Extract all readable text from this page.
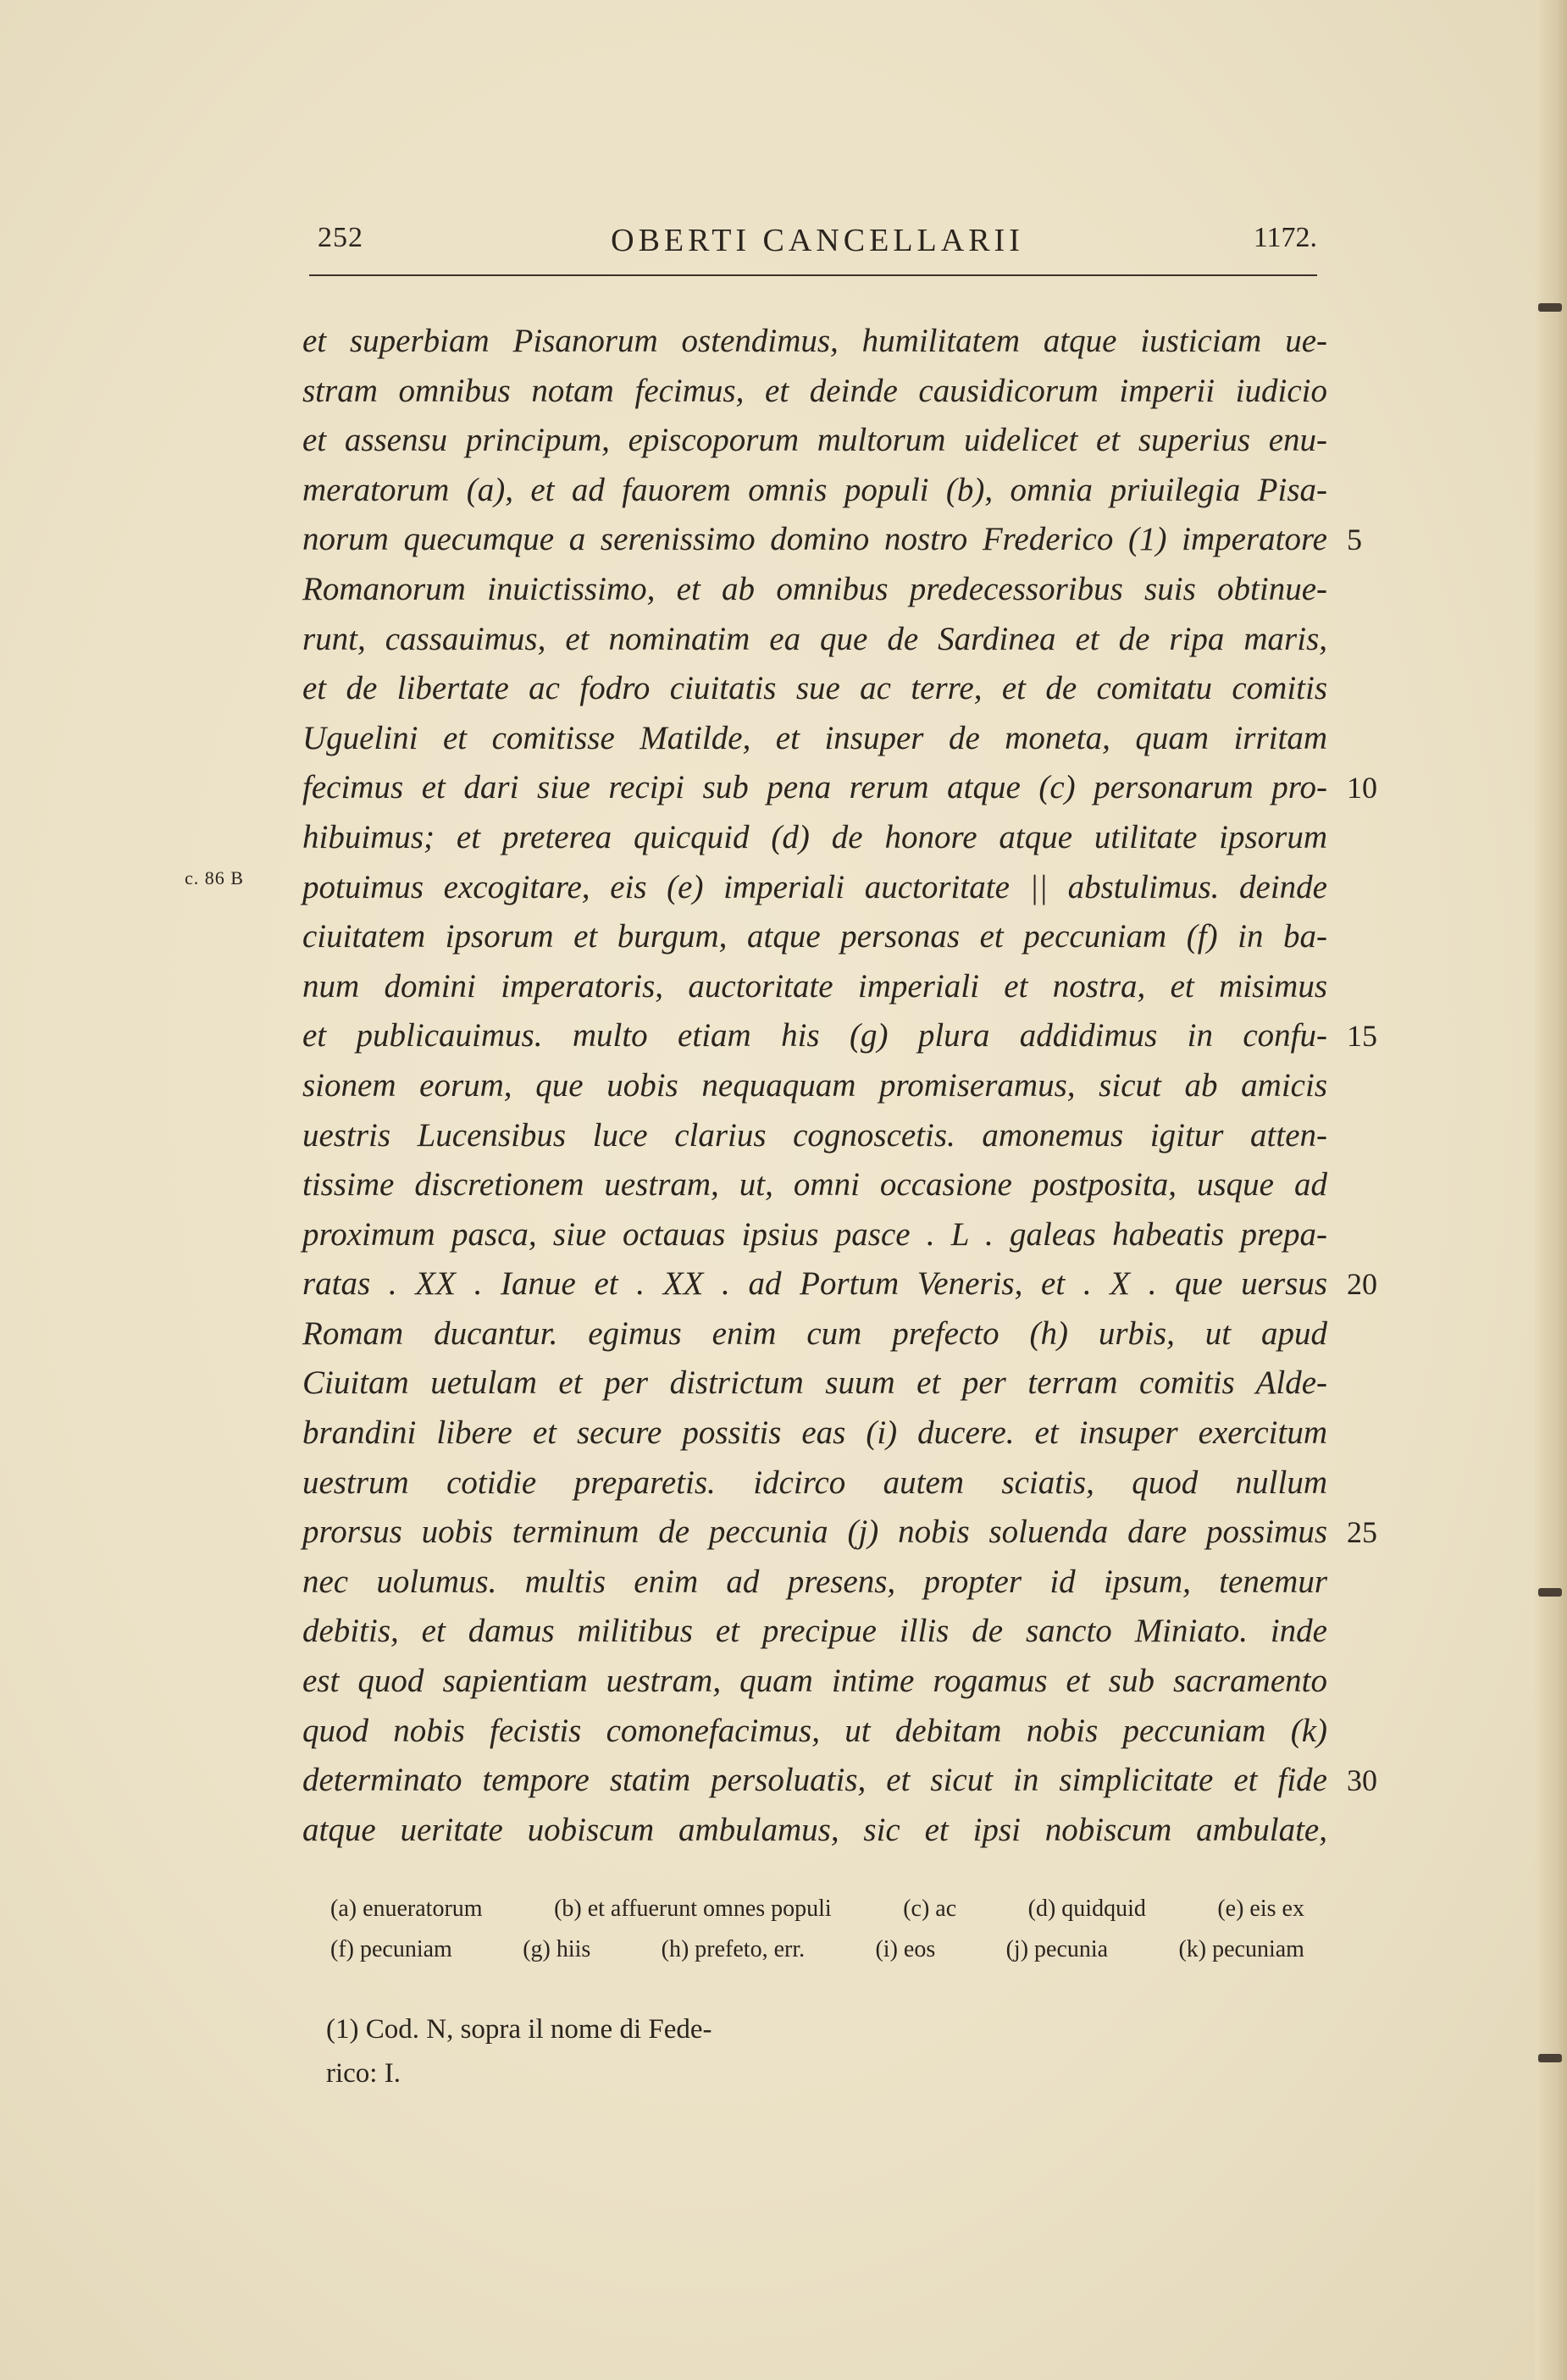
252	OBERTI CANCELLARII	1172.
c. 86 B
et superbiam Pisanorum ostendimus, humilitatem atque iusticiam ue-
stram omnibus notam fecimus, et deinde causidicorum imperii iudicio
et assensu principum, episcoporum multorum uidelicet et superius enu-
meratorum (a), et ad fauorem omnis populi (b), omnia priuilegia Pisa-
norum quecumque a serenissimo domino nostro Frederico (1) imperatore
Romanorum inuictissimo, et ab omnibus predecessoribus suis obtinue-
runt, cassauimus, et nominatim ea que de Sardinea et de ripa maris,
et de libertate ac fodro ciuitatis sue ac terre, et de comitatu comitis
Uguelini et comitisse Matilde, et insuper de moneta, quam irritam
fecimus et dari siue recipi sub pena rerum atque (c) personarum pro-
hibuimus; et preterea quicquid (d) de honore atque utilitate ipsorum
potuimus excogitare, eis (e) imperiali auctoritate || abstulimus. deinde
ciuitatem ipsorum et burgum, atque personas et peccuniam (f) in ba-
num domini imperatoris, auctoritate imperiali et nostra, et misimus
et publicauimus. multo etiam his (g) plura addidimus in confu-
sionem eorum, que uobis nequaquam promiseramus, sicut ab amicis
uestris Lucensibus luce clarius cognoscetis. amonemus igitur atten-
tissime discretionem uestram, ut, omni occasione postposita, usque ad
proximum pasca, siue octauas ipsius pasce . L . galeas habeatis prepa-
ratas . XX . Ianue et . XX . ad Portum Veneris, et . X . que uersus
Romam ducantur. egimus enim cum prefecto (h) urbis, ut apud
Ciuitam uetulam et per districtum suum et per terram comitis Alde-
brandini libere et secure possitis eas (i) ducere. et insuper exercitum
uestrum cotidie preparetis. idcirco autem sciatis, quod nullum
prorsus uobis terminum de peccunia (j) nobis soluenda dare possimus
nec uolumus. multis enim ad presens, propter id ipsum, tenemur
debitis, et damus militibus et precipue illis de sancto Miniato. inde
est quod sapientiam uestram, quam intime rogamus et sub sacramento
quod nobis fecistis comonefacimus, ut debitam nobis peccuniam (k)
determinato tempore statim persoluatis, et sicut in simplicitate et fide
atque ueritate uobiscum ambulamus, sic et ipsi nobiscum ambulate,
5
10
15
20
25
30
(a) enueratorum	(b) et affuerunt omnes populi	(c) ac	(d) quidquid	(e) eis ex
(f) pecuniam	(g) hiis	(h) prefeto, err.	(i) eos	(j) pecunia	(k) pecuniam
(1) Cod. N, sopra il nome di Fede-
rico: I.
